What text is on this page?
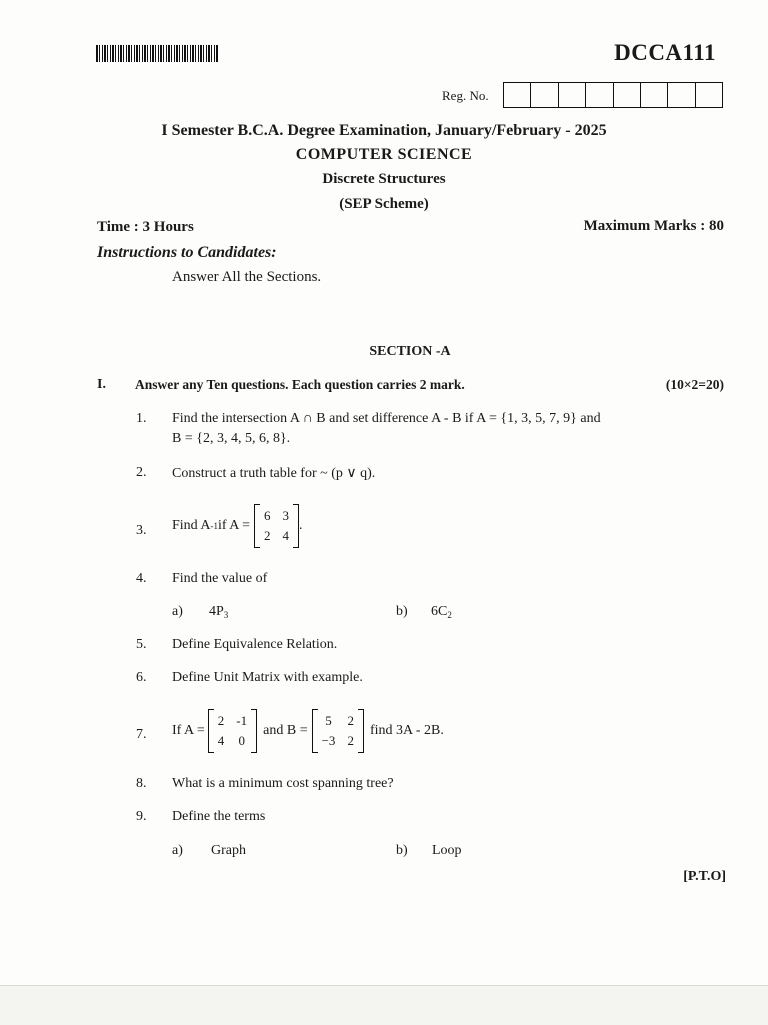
DCCA111
Reg. No.
I Semester B.C.A. Degree Examination, January/February - 2025
COMPUTER SCIENCE
Discrete Structures
(SEP Scheme)
Time : 3 Hours	Maximum Marks : 80
Instructions to Candidates:
Answer All the Sections.
SECTION -A
I. Answer any Ten questions. Each question carries 2 mark.	(10×2=20)
1. Find the intersection A ∩ B and set difference A - B if A = {1, 3, 5, 7, 9} and
B = {2, 3, 4, 5, 6, 8}.
2. Construct a truth table for ~ (p ∨ q).
3. Find A -1 if A =
6 3
2 4
.
4. Find the value of
a) $4P_3$	b) $6C_2$
5. Define Equivalence Relation.
6. Define Unit Matrix with example.
7. If A =
2 -1
4 0
and B =
5 2
−3 2
find 3A - 2B.
8. What is a minimum cost spanning tree?
9. Define the terms
a) Graph	b) Loop
[P.T.O]
